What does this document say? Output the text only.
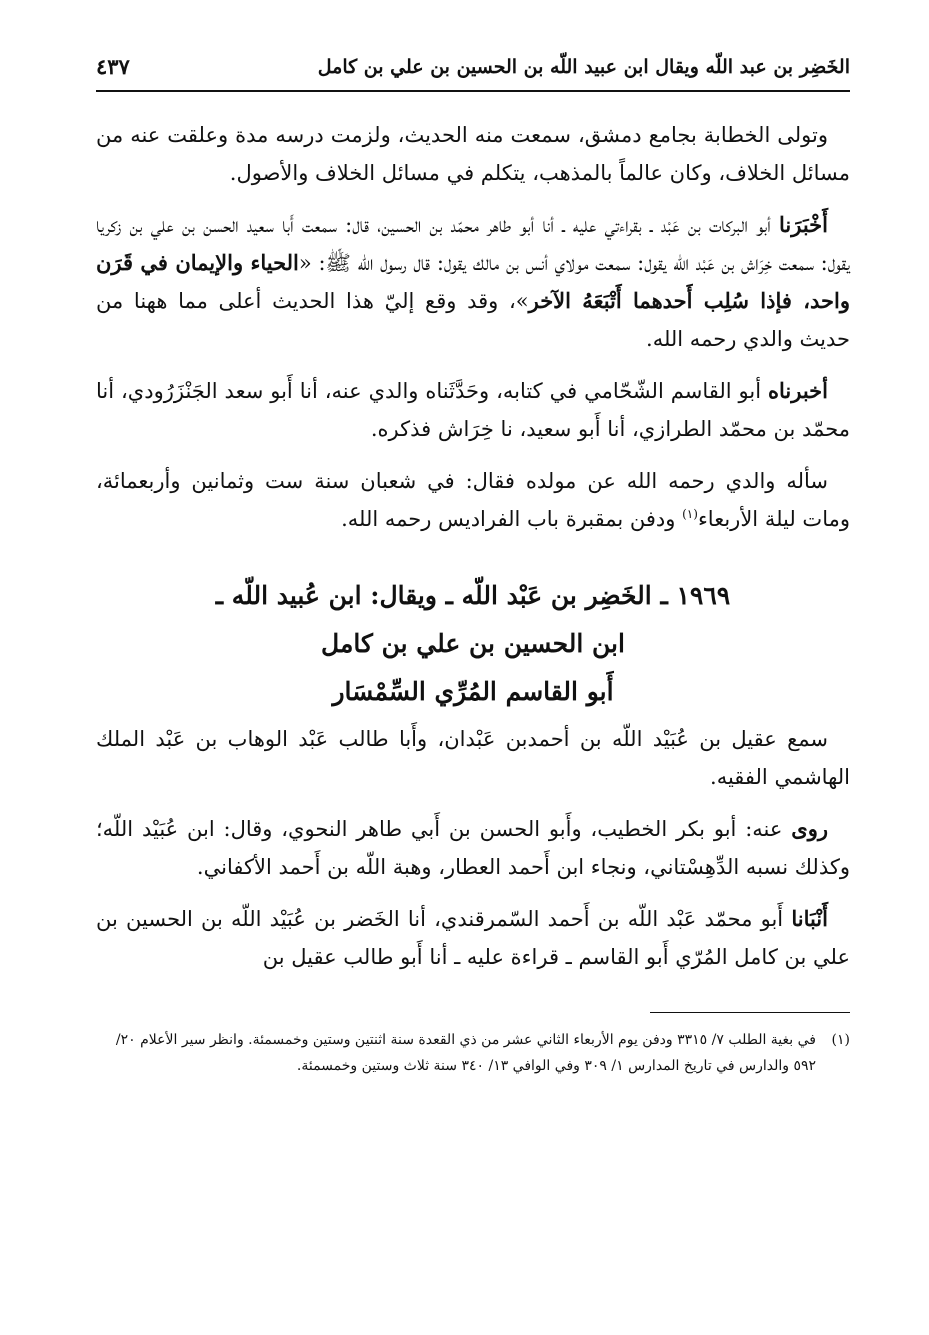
الخَضِر بن عبد اللّه ويقال ابن عبيد اللّه بن الحسين بن علي بن كامل
٤٣٧

وتولى الخطابة بجامع دمشق، سمعت منه الحديث، ولزمت درسه مدة وعلقت عنه من مسائل الخلاف، وكان عالماً بالمذهب، يتكلم في مسائل الخلاف والأصول.

أَخْبَرَنا أبو البركات بن عَبْد ـ بقراءتي عليه ـ أنا أبو طاهر محمّد بن الحسين، قال: سمعت أَبا سعيد الحسن بن علي بن زكريا يقول: سمعت خِرَاش بن عَبْد اللّه يقول: سمعت مولاي أنس بن مالك يقول: قال رسول الله ﷺ: «الحياء والإيمان في قَرَن واحد، فإذا سُلِب أَحدهما أَتْبَعَهُ الآخر»، وقد وقع إليّ هذا الحديث أعلى مما ههنا من حديث والدي رحمه الله.

أخبرناه أبو القاسم الشّحّامي في كتابه، وحَدَّثَناه والدي عنه، أنا أَبو سعد الجَنْزَرُودي، أنا محمّد بن محمّد الطرازي، أنا أَبو سعيد، نا خِرَاش فذكره.

سأله والدي رحمه الله عن مولده فقال: في شعبان سنة ست وثمانين وأربعمائة، ومات ليلة الأربعاء$^{(١)}$ ودفن بمقبرة باب الفراديس رحمه الله.

١٩٦٩ ـ الخَضِر بن عَبْد اللّه ـ ويقال: ابن عُبيد اللّه ـ
ابن الحسين بن علي بن كامل
أَبو القاسم المُرِّي السِّمْسَار

سمع عقيل بن عُبَيْد اللّه بن أحمدبن عَبْدان، وأَبا طالب عَبْد الوهاب بن عَبْد الملك الهاشمي الفقيه.

روى عنه: أبو بكر الخطيب، وأَبو الحسن بن أَبي طاهر النحوي، وقال: ابن عُبَيْد اللّه؛ وكذلك نسبه الدِّهِسْتاني، ونجاء ابن أَحمد العطار، وهبة اللّه بن أَحمد الأكفاني.

أَنْبَانا أَبو محمّد عَبْد اللّه بن أَحمد السّمرقندي، أنا الخَضر بن عُبَيْد اللّه بن الحسين بن علي بن كامل المُرّي أَبو القاسم ـ قراءة عليه ـ أنا أَبو طالب عقيل بن

(١)
في بغية الطلب ٧/ ٣٣١٥ ودفن يوم الأربعاء الثاني عشر من ذي القعدة سنة اثنتين وستين وخمسمئة. وانظر سير الأعلام ٢٠/ ٥٩٢ والدارس في تاريخ المدارس ١/ ٣٠٩ وفي الوافي ١٣/ ٣٤٠ سنة ثلاث وستين وخمسمئة.
